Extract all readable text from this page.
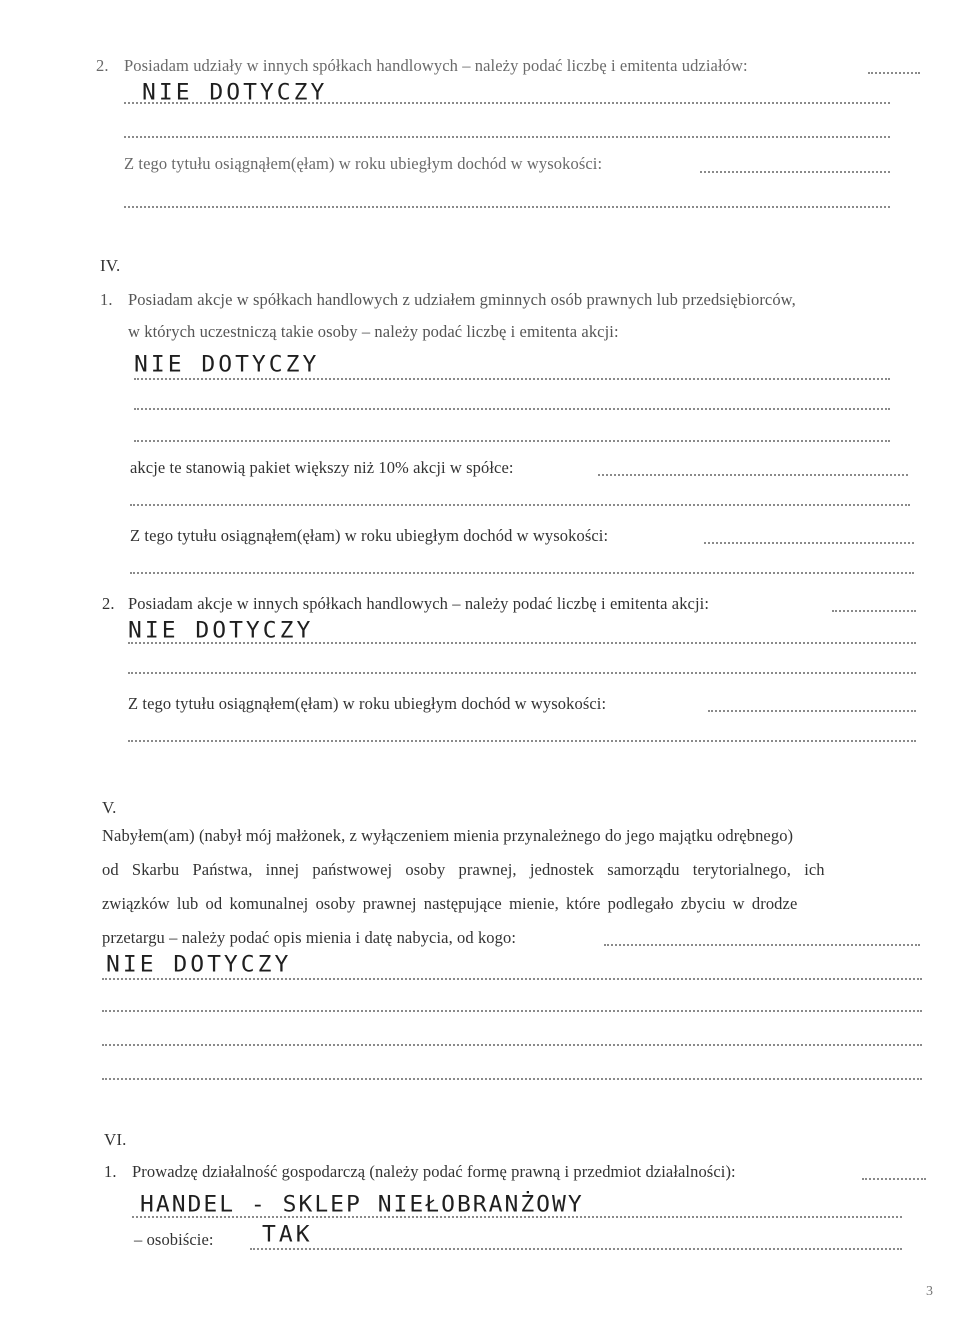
2. Posiadam udziały w innych spółkach handlowych – należy podać liczbę i emitenta udziałów:
NIE DOTYCZY
Z tego tytułu osiągnąłem(ęłam) w roku ubiegłym dochód w wysokości:
IV.
1. Posiadam akcje w spółkach handlowych z udziałem gminnych osób prawnych lub przedsiębiorców,
w których uczestniczą takie osoby – należy podać liczbę i emitenta akcji:
NIE DOTYCZY
akcje te stanowią pakiet większy niż 10% akcji w spółce:
Z tego tytułu osiągnąłem(ęłam) w roku ubiegłym dochód w wysokości:
2. Posiadam akcje w innych spółkach handlowych – należy podać liczbę i emitenta akcji:
NIE DOTYCZY
Z tego tytułu osiągnąłem(ęłam) w roku ubiegłym dochód w wysokości:
V.
Nabyłem(am) (nabył mój małżonek, z wyłączeniem mienia przynależnego do jego majątku odrębnego)
od Skarbu Państwa, innej państwowej osoby prawnej, jednostek samorządu terytorialnego, ich
związków lub od komunalnej osoby prawnej następujące mienie, które podlegało zbyciu w drodze
przetargu – należy podać opis mienia i datę nabycia, od kogo:
NIE DOTYCZY
VI.
1. Prowadzę działalność gospodarczą (należy podać formę prawną i przedmiot działalności):
HANDEL - SKLEP NIEŁOBRANŻOWY
– osobiście: TAK
3
